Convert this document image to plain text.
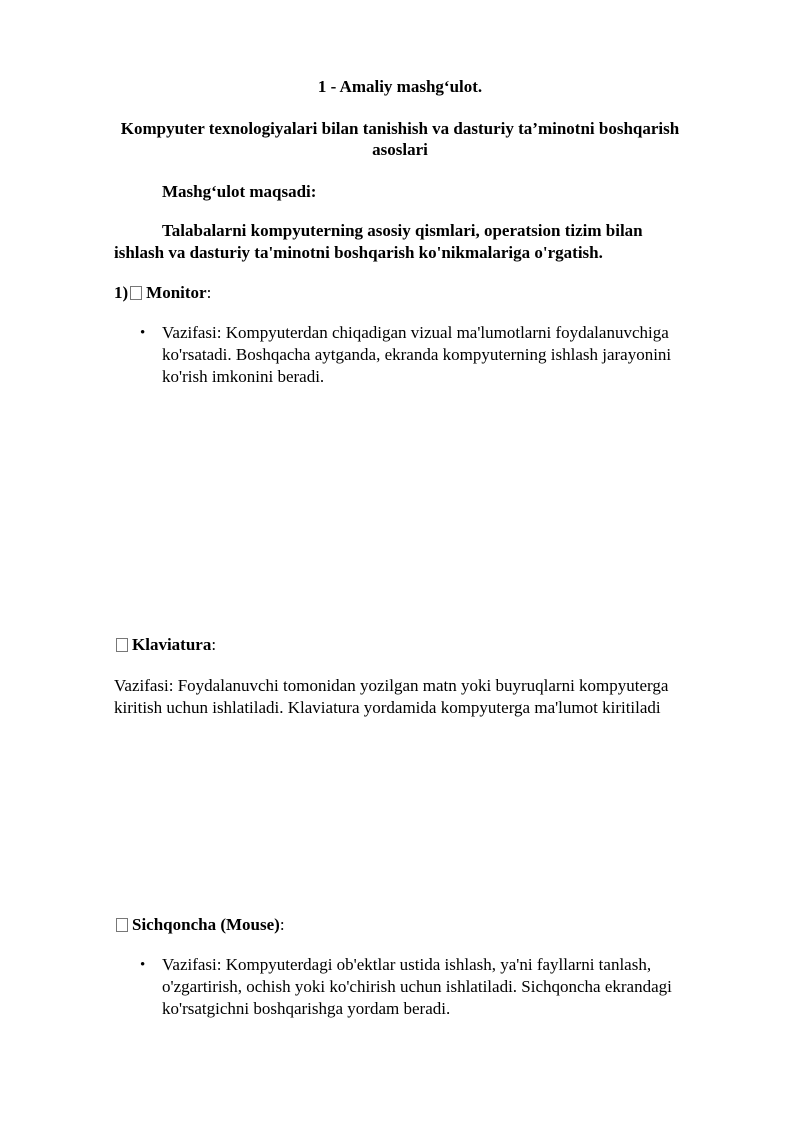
1 - Amaliy mashg‘ulot.
Kompyuter texnologiyalari bilan tanishish va dasturiy ta’minotni boshqarish
asoslari
Mashg‘ulot maqsadi:
Talabalarni kompyuterning asosiy qismlari, operatsion tizim bilan
ishlash va dasturiy ta'minotni boshqarish ko'nikmalariga o'rgatish.
1) Monitor:
• Vazifasi: Kompyuterdan chiqadigan vizual ma'lumotlarni foydalanuvchiga
ko'rsatadi. Boshqacha aytganda, ekranda kompyuterning ishlash jarayonini
ko'rish imkonini beradi.
Klaviatura:
Vazifasi: Foydalanuvchi tomonidan yozilgan matn yoki buyruqlarni kompyuterga
kiritish uchun ishlatiladi. Klaviatura yordamida kompyuterga ma'lumot kiritiladi
Sichqoncha (Mouse):
• Vazifasi: Kompyuterdagi ob'ektlar ustida ishlash, ya'ni fayllarni tanlash,
o'zgartirish, ochish yoki ko'chirish uchun ishlatiladi. Sichqoncha ekrandagi
ko'rsatgichni boshqarishga yordam beradi.
